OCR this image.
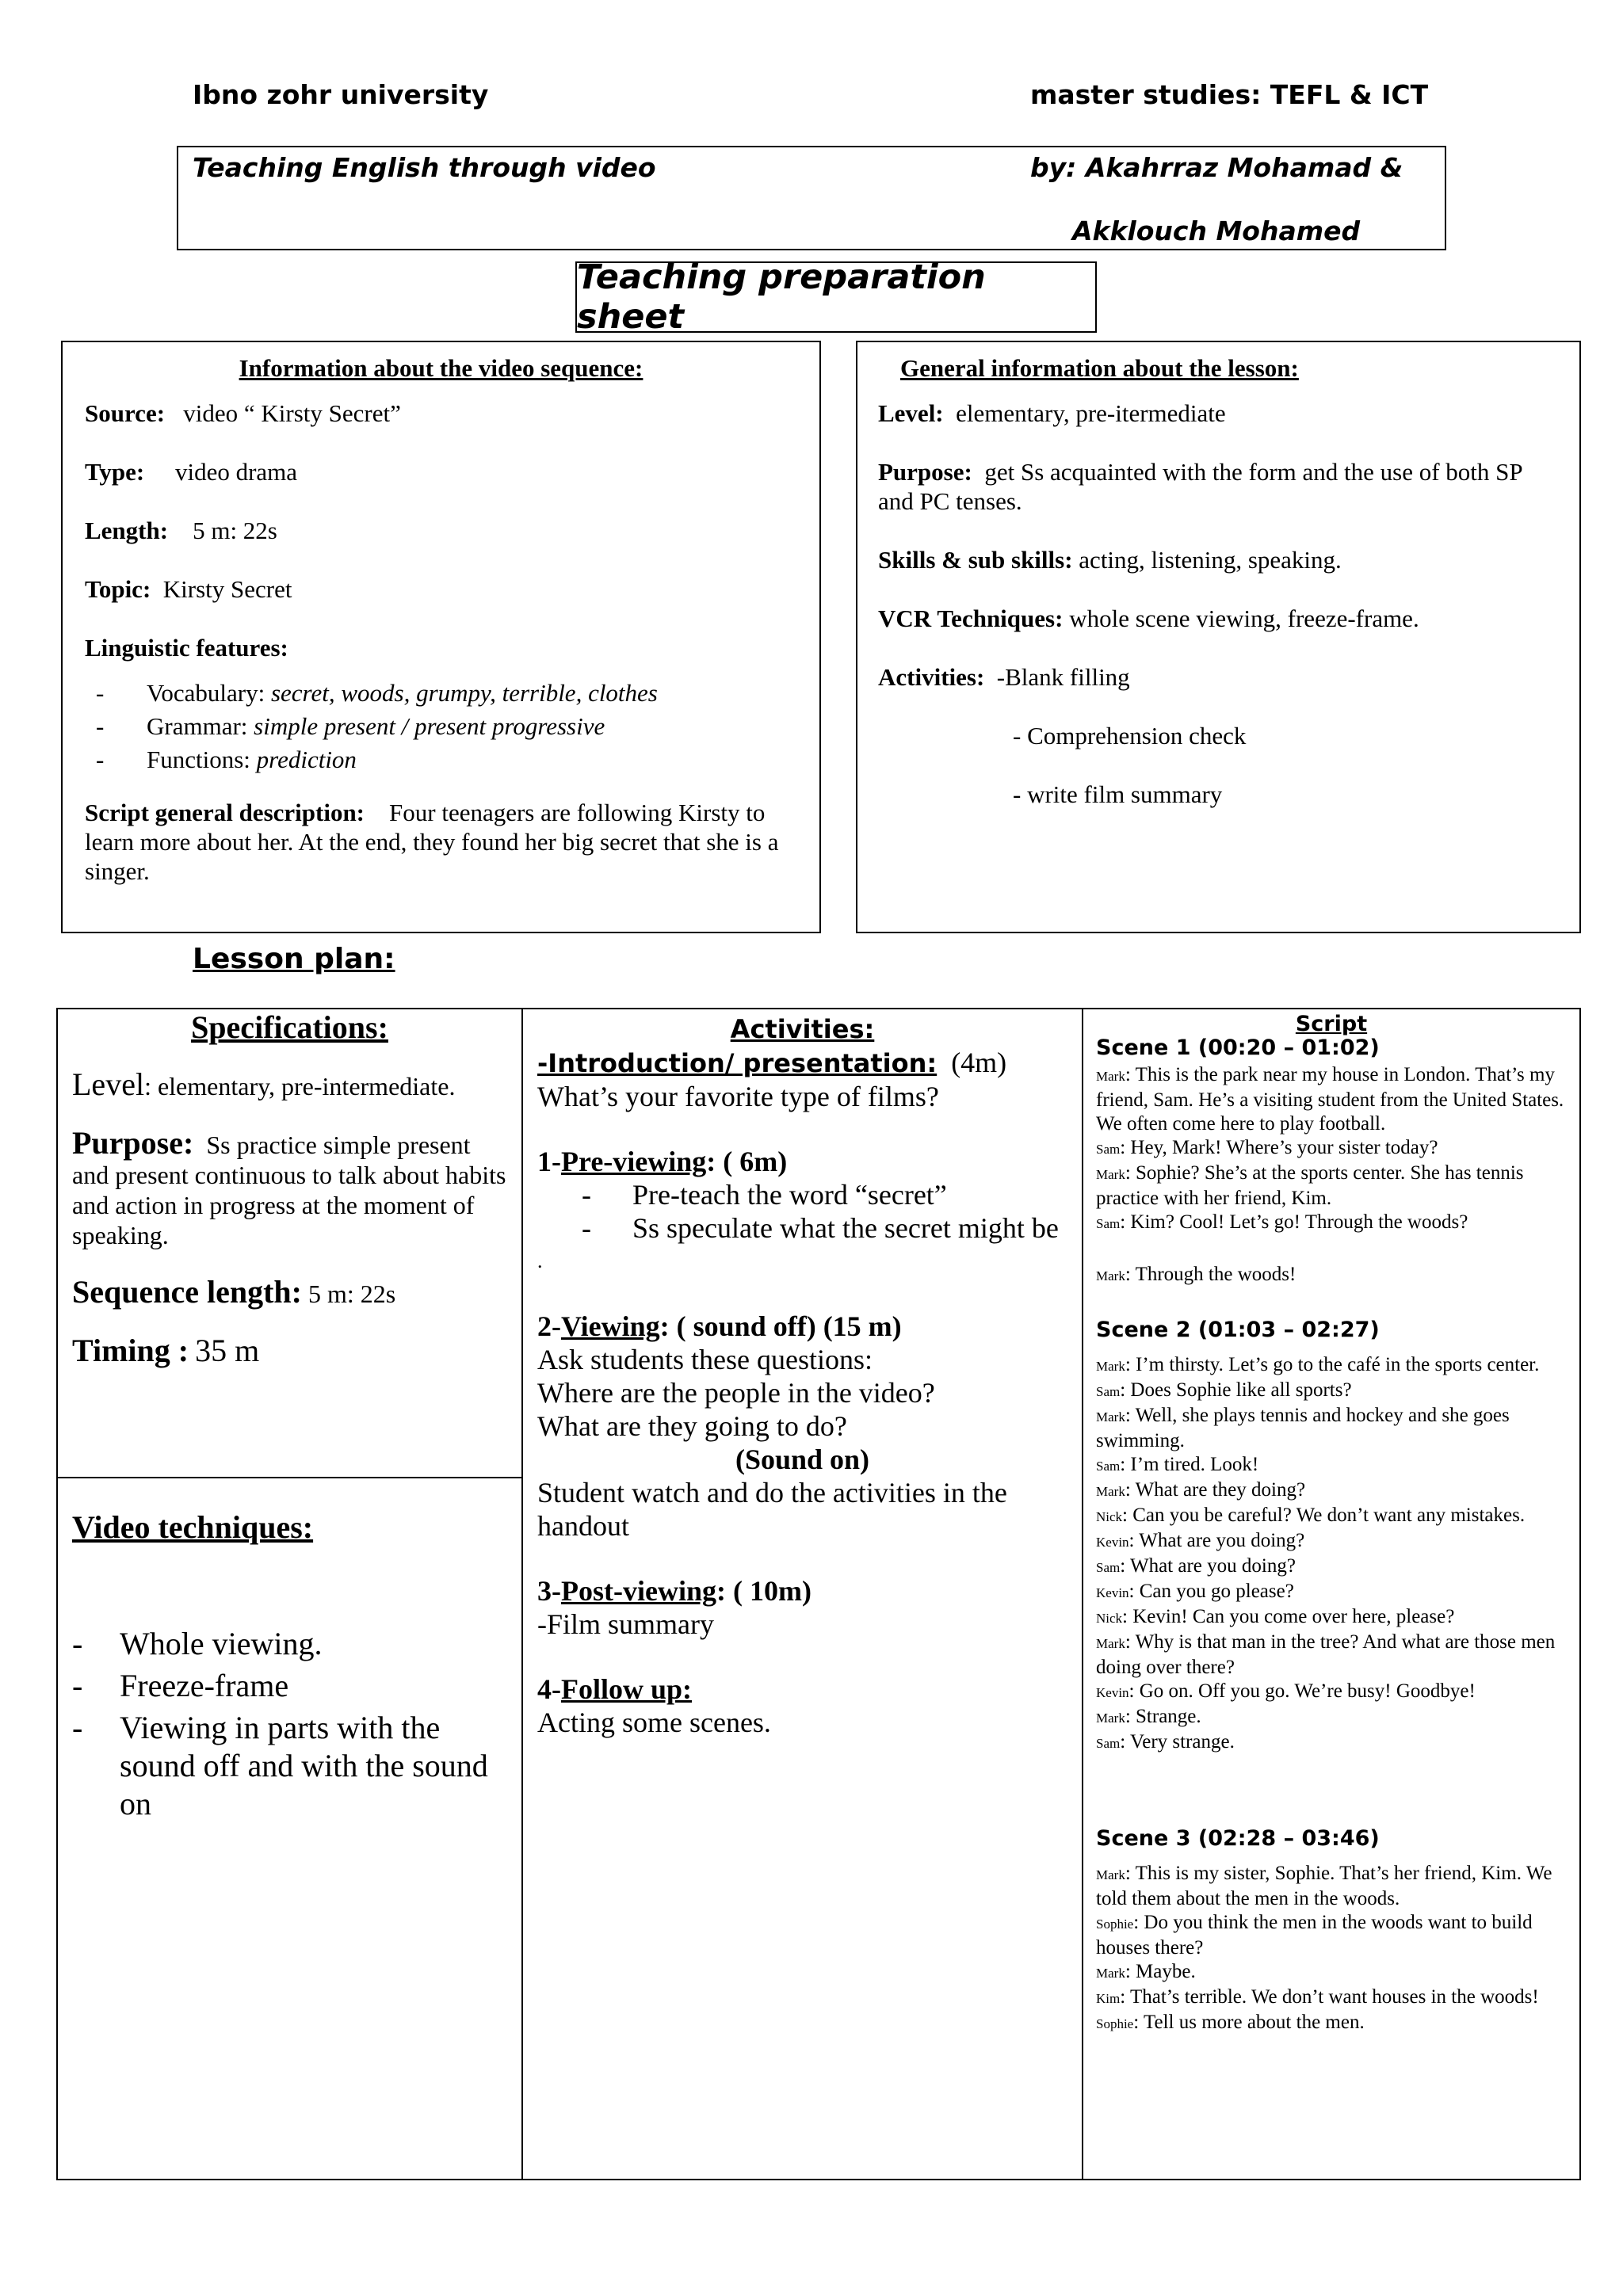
Ibno zohr university	master studies: TEFL & ICT
Teaching English through video	by: Akahrraz Mohamad &
Akklouch Mohamed
Teaching preparation sheet
Information about the video sequence:
Source: video “ Kirsty Secret”
Type: video drama
Length: 5 m: 22s
Topic: Kirsty Secret
Linguistic features:
- Vocabulary: secret, woods, grumpy, terrible, clothes
- Grammar: simple present / present progressive
- Functions: prediction
Script general description: Four teenagers are following Kirsty to learn more about her. At the end, they found her big secret that she is a singer.
General information about the lesson:
Level: elementary, pre-itermediate
Purpose: get Ss acquainted with the form and the use of both SP and PC tenses.
Skills & sub skills: acting, listening, speaking.
VCR Techniques: whole scene viewing, freeze-frame.
Activities: -Blank filling
- Comprehension check
- write film summary
Lesson plan:
Specifications:

Level: elementary, pre-intermediate.

Purpose: Ss practice simple present and present continuous to talk about habits and action in progress at the moment of speaking.

Sequence length: 5 m: 22s

Timing : 35 m

Video techniques:
- Whole viewing.
- Freeze-frame
- Viewing in parts with the sound off and with the sound on
Activities:

-Introduction/ presentation: (4m)

What’s your favorite type of films?

1-Pre-viewing: ( 6m)

- Pre-teach the word “secret”
- Ss speculate what the secret might be

.

2-Viewing: ( sound off) (15 m)

Ask students these questions:

Where are the people in the video?

What are they going to do?

(Sound on)

Student watch and do the activities in the handout

3-Post-viewing: ( 10m)

-Film summary

4-Follow up:

Acting some scenes.

Script
Scene 1 (00:20 – 01:02)

Mark: This is the park near my house in London. That’s my friend, Sam. He’s a visiting student from the United States. We often come here to play football.

Sam: Hey, Mark! Where’s your sister today?

Mark: Sophie? She’s at the sports center. She has tennis practice with her friend, Kim.

Sam: Kim? Cool! Let’s go! Through the woods?

Mark: Through the woods!

Scene 2 (01:03 – 02:27)

Mark: I’m thirsty. Let’s go to the café in the sports center.

Sam: Does Sophie like all sports?

Mark: Well, she plays tennis and hockey and she goes swimming.

Sam: I’m tired. Look!

Mark: What are they doing?

Nick: Can you be careful? We don’t want any mistakes.

Kevin: What are you doing?

Sam: What are you doing?

Kevin: Can you go please?

Nick: Kevin! Can you come over here, please?

Mark: Why is that man in the tree? And what are those men doing over there?

Kevin: Go on. Off you go. We’re busy! Goodbye!

Mark: Strange.

Sam: Very strange.

Scene 3 (02:28 – 03:46)

Mark: This is my sister, Sophie. That’s her friend, Kim. We told them about the men in the woods.

Sophie: Do you think the men in the woods want to build houses there?

Mark: Maybe.

Kim: That’s terrible. We don’t want houses in the woods!

Sophie: Tell us more about the men.
